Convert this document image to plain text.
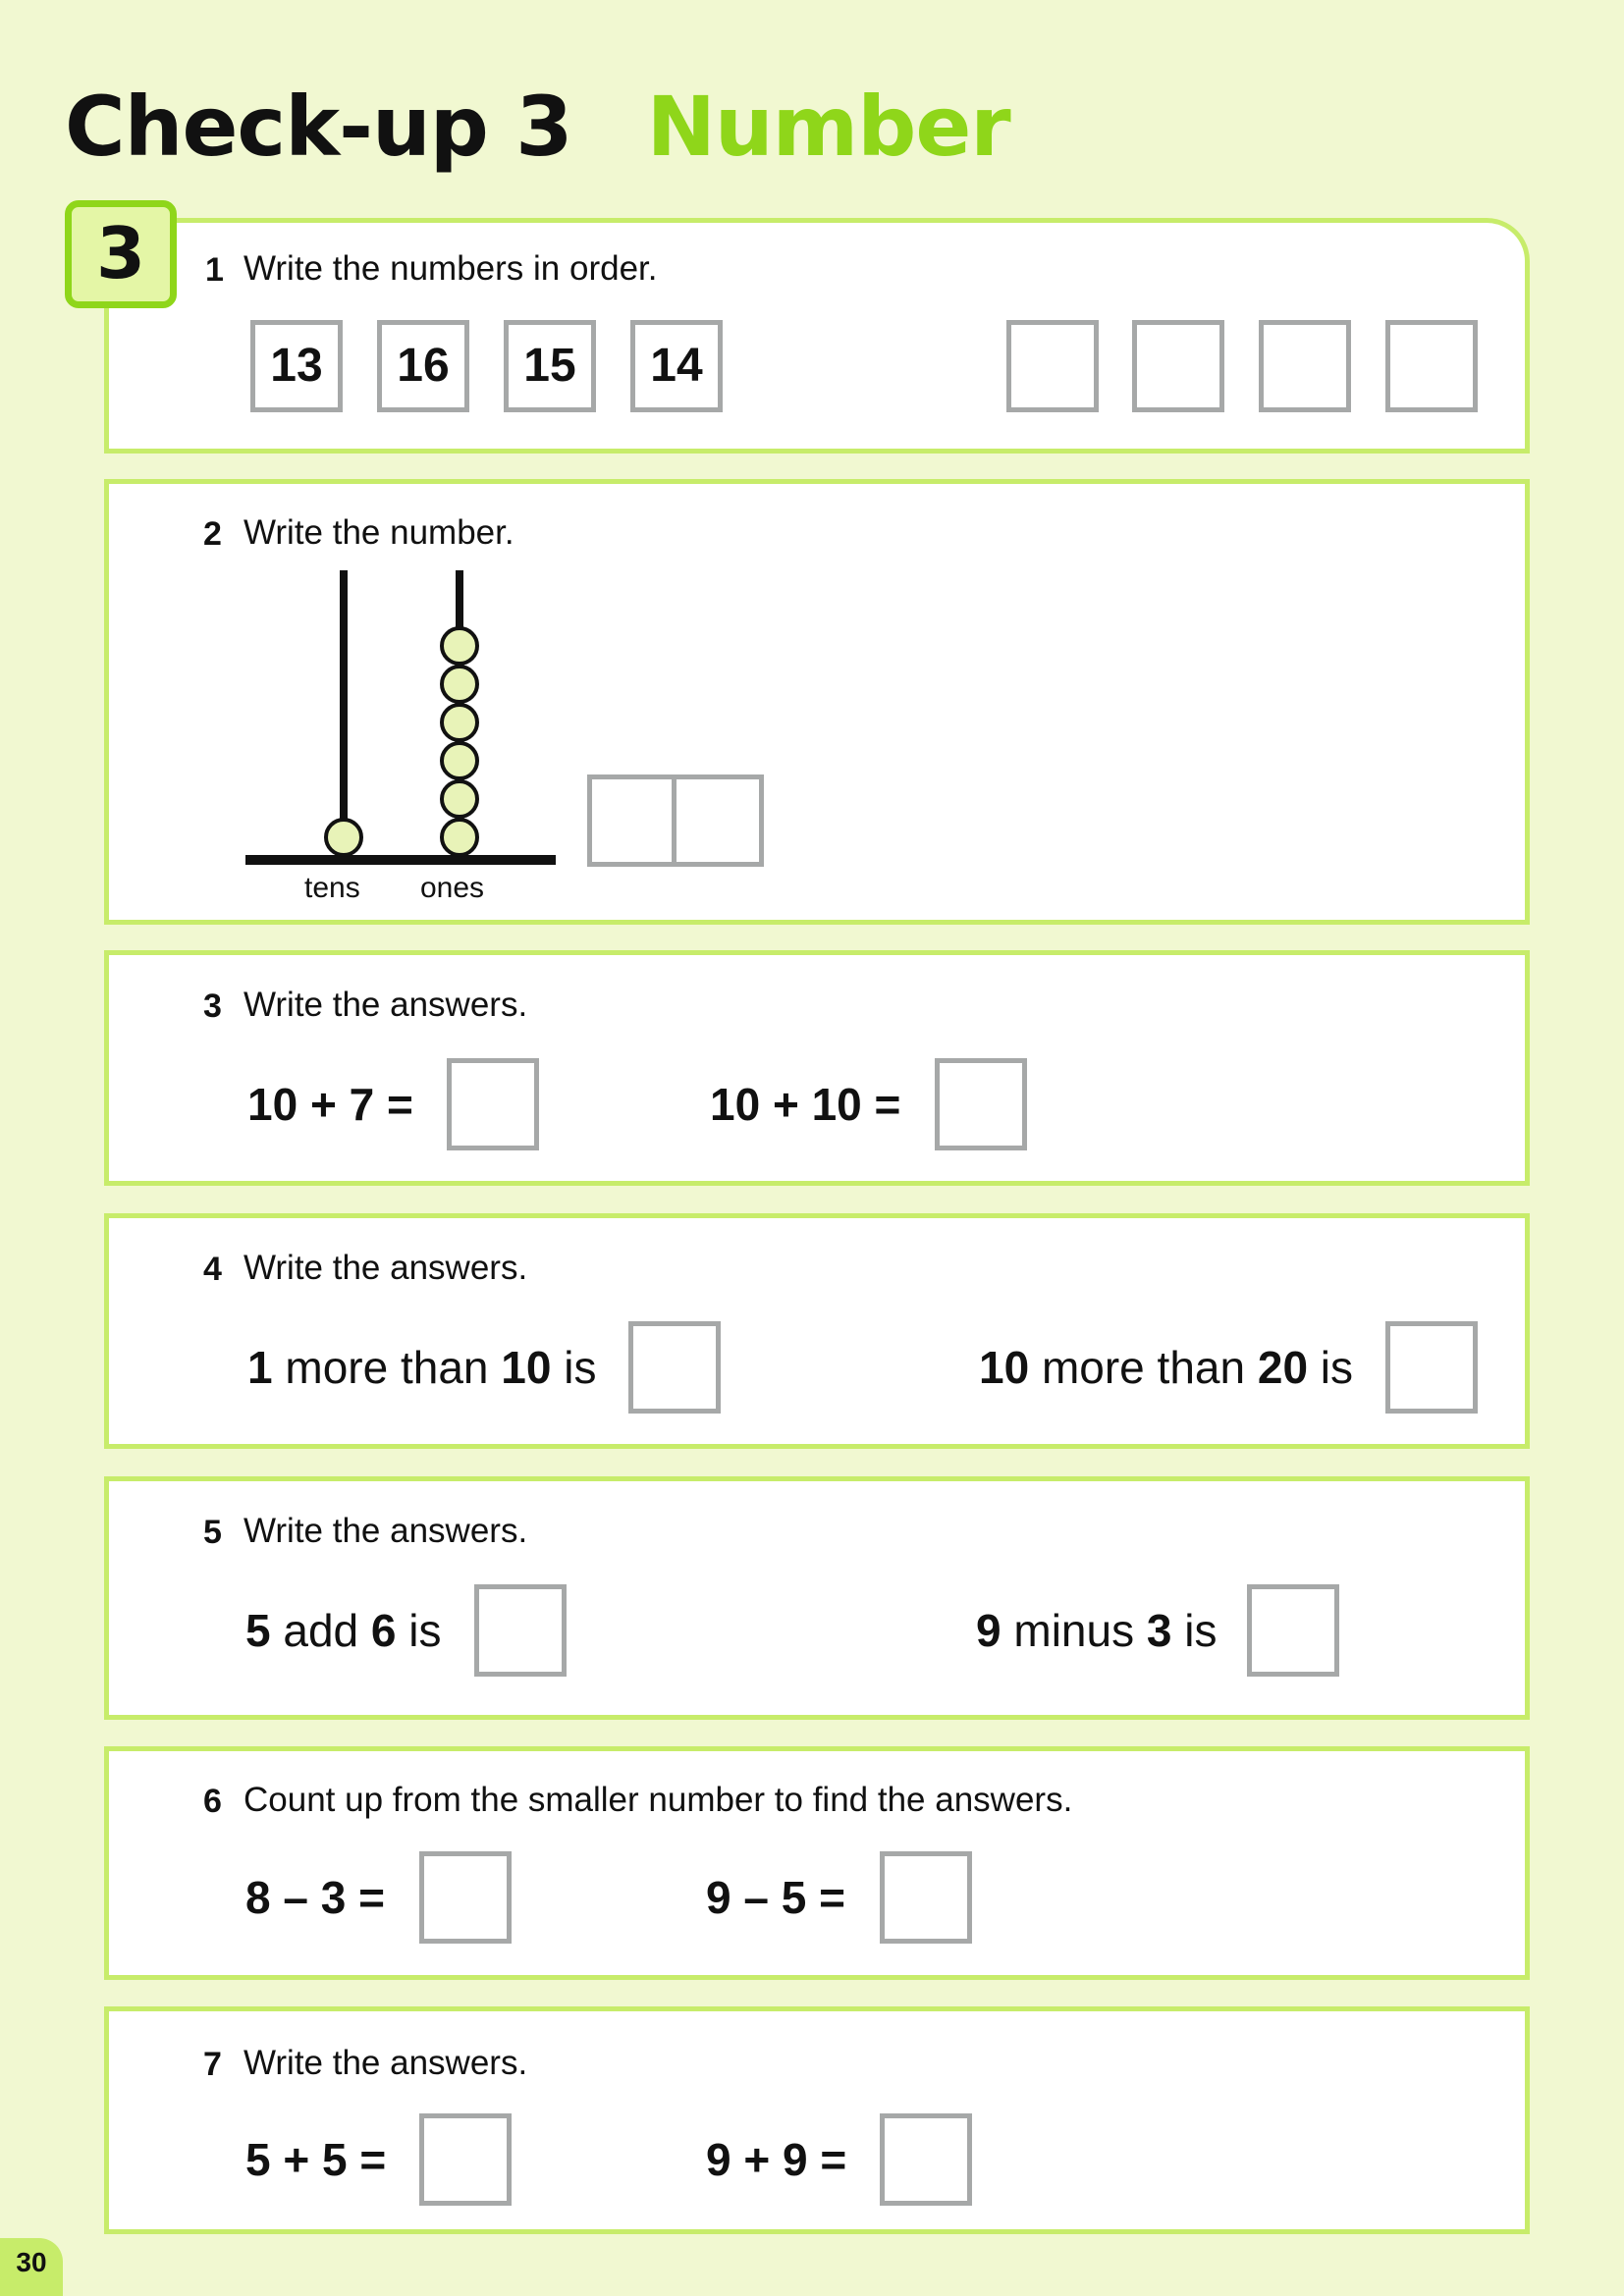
Check-up 3 Number
3	1 Write the numbers in order.
13	16	15	14
2 Write the number.
tens ones
3 Write the answers.
10 + 7 =	10 + 10 =
4 Write the answers.
1 more than 10 is	10 more than 20 is
5 Write the answers.
5 add 6 is	9 minus 3 is
6 Count up from the smaller number to find the answers.
8 – 3 =	9 – 5 =
7 Write the answers.
5 + 5 =	9 + 9 =
30
